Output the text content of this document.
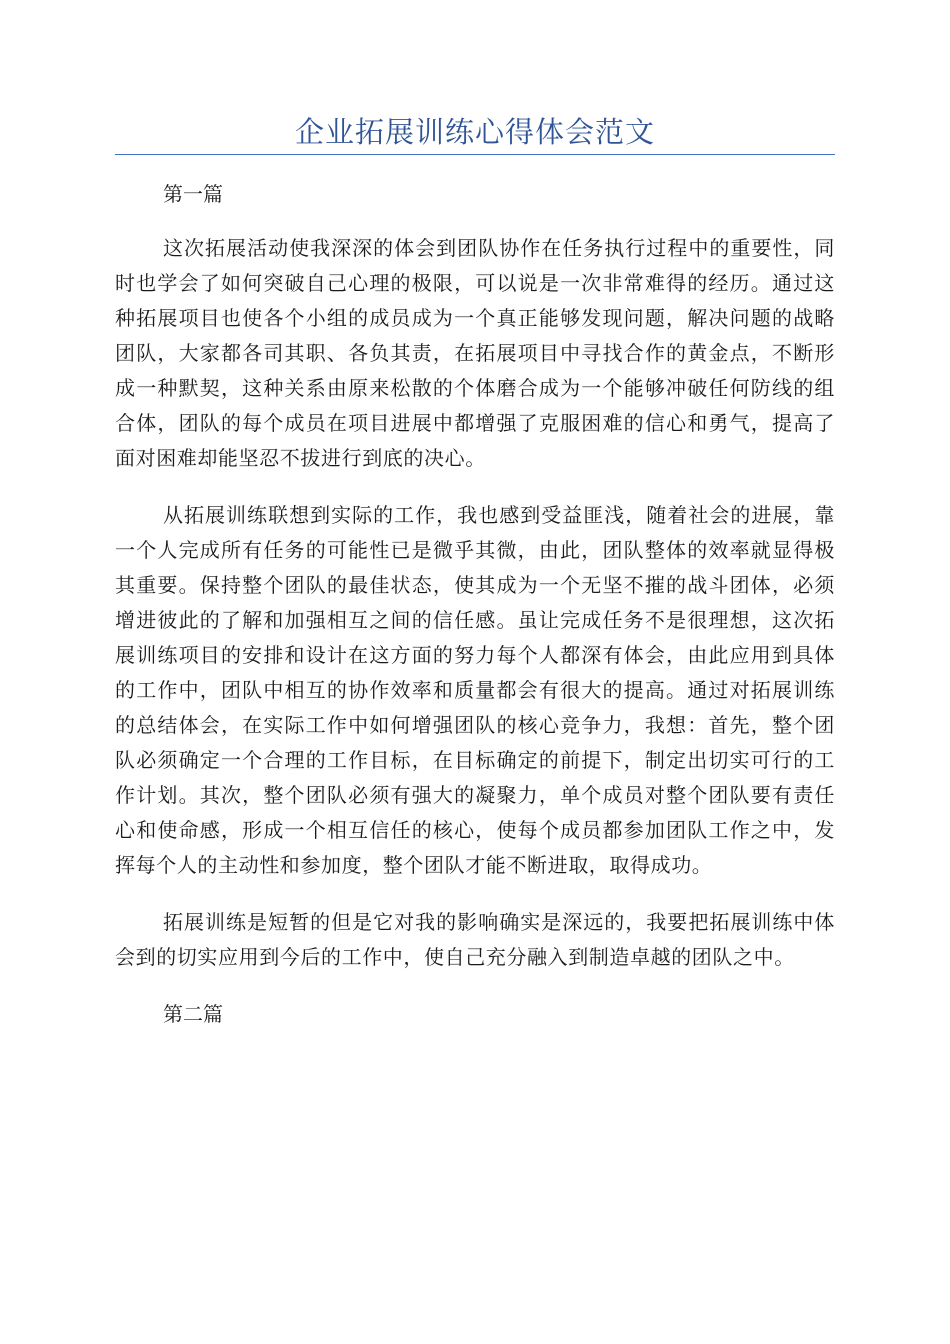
企业拓展训练心得体会范文

第一篇

这次拓展活动使我深深的体会到团队协作在任务执行过程中的重要性，同时也学会了如何突破自己心理的极限，可以说是一次非常难得的经历。通过这种拓展项目也使各个小组的成员成为一个真正能够发现问题，解决问题的战略团队，大家都各司其职、各负其责，在拓展项目中寻找合作的黄金点，不断形成一种默契，这种关系由原来松散的个体磨合成为一个能够冲破任何防线的组合体，团队的每个成员在项目进展中都增强了克服困难的信心和勇气，提高了面对困难却能坚忍不拔进行到底的决心。

从拓展训练联想到实际的工作，我也感到受益匪浅，随着社会的进展，靠一个人完成所有任务的可能性已是微乎其微，由此，团队整体的效率就显得极其重要。保持整个团队的最佳状态，使其成为一个无坚不摧的战斗团体，必须增进彼此的了解和加强相互之间的信任感。虽让完成任务不是很理想，这次拓展训练项目的安排和设计在这方面的努力每个人都深有体会，由此应用到具体的工作中，团队中相互的协作效率和质量都会有很大的提高。通过对拓展训练的总结体会，在实际工作中如何增强团队的核心竞争力，我想：首先，整个团队必须确定一个合理的工作目标，在目标确定的前提下，制定出切实可行的工作计划。其次，整个团队必须有强大的凝聚力，单个成员对整个团队要有责任心和使命感，形成一个相互信任的核心，使每个成员都参加团队工作之中，发挥每个人的主动性和参加度，整个团队才能不断进取，取得成功。

拓展训练是短暂的但是它对我的影响确实是深远的，我要把拓展训练中体会到的切实应用到今后的工作中，使自己充分融入到制造卓越的团队之中。

第二篇
